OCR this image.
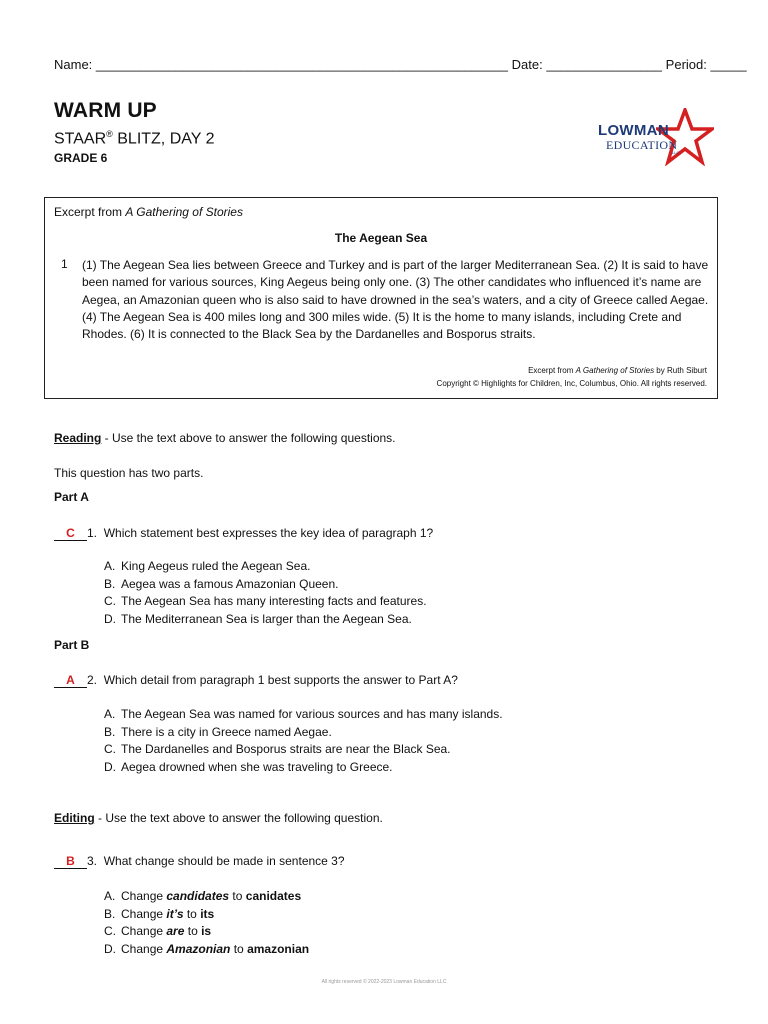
Name: _________________________________________________________ Date: ________________ Period: _____
WARM UP
STAAR® BLITZ, DAY 2
GRADE 6
LOWMAN
EDUCATION
LLC
Excerpt from A Gathering of Stories
The Aegean Sea
1 (1) The Aegean Sea lies between Greece and Turkey and is part of the larger Mediterranean Sea. (2) It is said to have been named for various sources, King Aegeus being only one. (3) The other candidates who influenced it’s name are Aegea, an Amazonian queen who is also said to have drowned in the sea’s waters, and a city of Greece called Aegae. (4) The Aegean Sea is 400 miles long and 300 miles wide. (5) It is the home to many islands, including Crete and Rhodes. (6) It is connected to the Black Sea by the Dardanelles and Bosporus straits.
Excerpt from A Gathering of Stories by Ruth Siburt
Copyright © Highlights for Children, Inc, Columbus, Ohio. All rights reserved.
Reading - Use the text above to answer the following questions.
This question has two parts.
Part A
C 1. Which statement best expresses the key idea of paragraph 1?
A. King Aegeus ruled the Aegean Sea.
B. Aegea was a famous Amazonian Queen.
C. The Aegean Sea has many interesting facts and features.
D. The Mediterranean Sea is larger than the Aegean Sea.
Part B
A 2. Which detail from paragraph 1 best supports the answer to Part A?
A. The Aegean Sea was named for various sources and has many islands.
B. There is a city in Greece named Aegae.
C. The Dardanelles and Bosporus straits are near the Black Sea.
D. Aegea drowned when she was traveling to Greece.
Editing - Use the text above to answer the following question.
B 3. What change should be made in sentence 3?
A. Change candidates to canidates
B. Change it’s to its
C. Change are to is
D. Change Amazonian to amazonian
All rights reserved © 2022-2023 Lowman Education LLC
